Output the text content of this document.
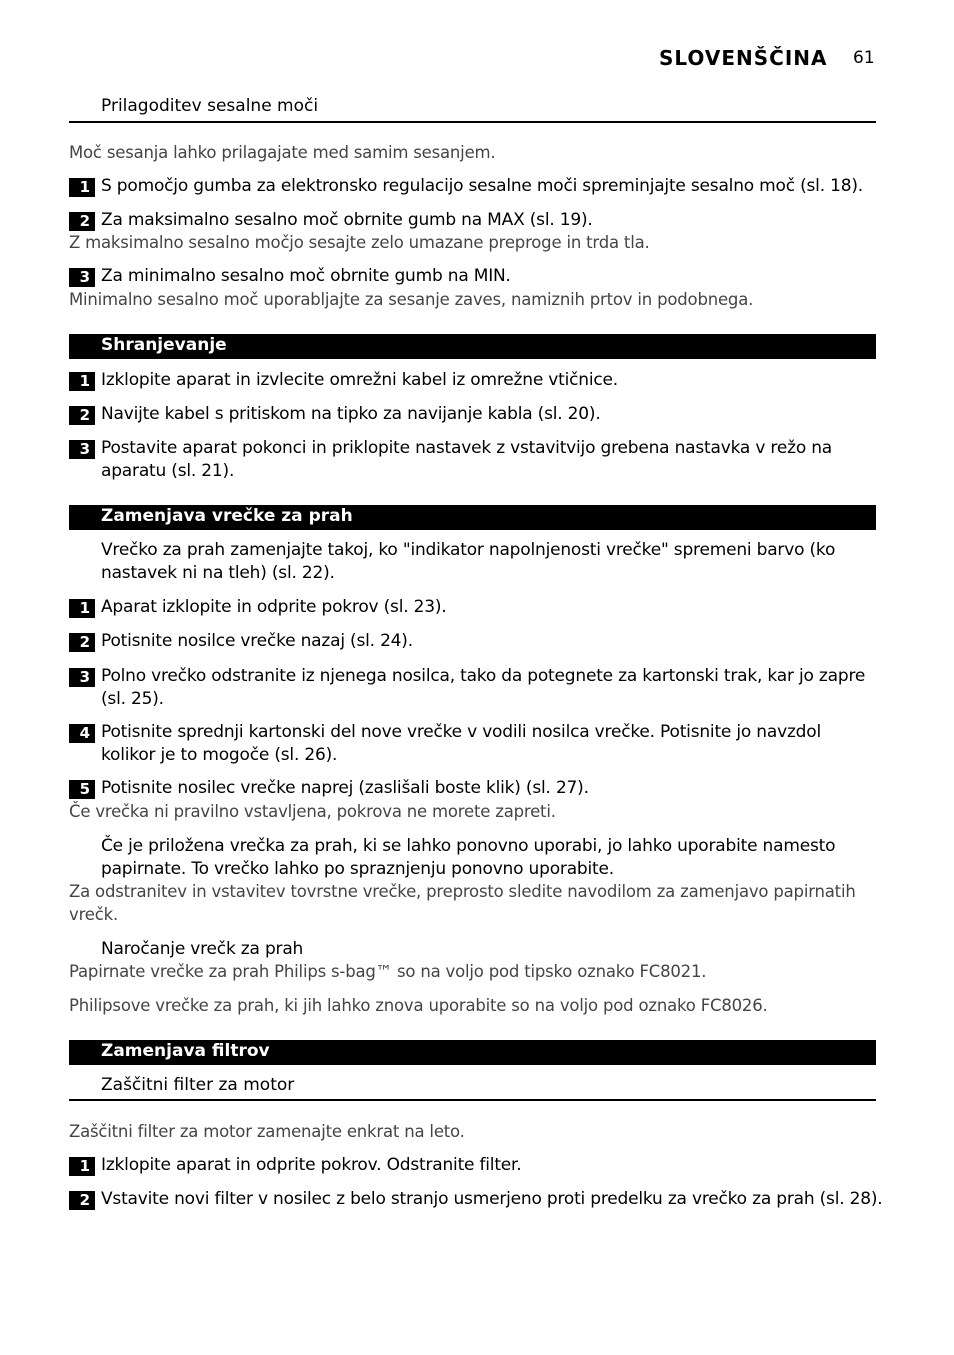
SLOVENŠČINA 61
Prilagoditev sesalne moči
Moč sesanja lahko prilagajate med samim sesanjem.
1 S pomočjo gumba za elektronsko regulacijo sesalne moči spreminjajte sesalno moč (sl. 18).
2 Za maksimalno sesalno moč obrnite gumb na MAX (sl. 19).
Z maksimalno sesalno močjo sesajte zelo umazane preproge in trda tla.
3 Za minimalno sesalno moč obrnite gumb na MIN.
Minimalno sesalno moč uporabljajte za sesanje zaves, namiznih prtov in podobnega.
Shranjevanje
1 Izklopite aparat in izvlecite omrežni kabel iz omrežne vtičnice.
2 Navijte kabel s pritiskom na tipko za navijanje kabla (sl. 20).
3 Postavite aparat pokonci in priklopite nastavek z vstavitvijo grebena nastavka v režo na
aparatu (sl. 21).
Zamenjava vrečke za prah
Vrečko za prah zamenjajte takoj, ko "indikator napolnjenosti vrečke" spremeni barvo (ko
nastavek ni na tleh) (sl. 22).
1 Aparat izklopite in odprite pokrov (sl. 23).
2 Potisnite nosilce vrečke nazaj (sl. 24).
3 Polno vrečko odstranite iz njenega nosilca, tako da potegnete za kartonski trak, kar jo zapre
(sl. 25).
4 Potisnite sprednji kartonski del nove vrečke v vodili nosilca vrečke. Potisnite jo navzdol
kolikor je to mogoče (sl. 26).
5 Potisnite nosilec vrečke naprej (zaslišali boste klik) (sl. 27).
Če vrečka ni pravilno vstavljena, pokrova ne morete zapreti.
Če je priložena vrečka za prah, ki se lahko ponovno uporabi, jo lahko uporabite namesto
papirnate. To vrečko lahko po spraznjenju ponovno uporabite.
Za odstranitev in vstavitev tovrstne vrečke, preprosto sledite navodilom za zamenjavo papirnatih
vrečk.
Naročanje vrečk za prah
Papirnate vrečke za prah Philips s-bag™ so na voljo pod tipsko oznako FC8021.
Philipsove vrečke za prah, ki jih lahko znova uporabite so na voljo pod oznako FC8026.
Zamenjava filtrov
Zaščitni filter za motor
Zaščitni filter za motor zamenajte enkrat na leto.
1 Izklopite aparat in odprite pokrov. Odstranite filter.
2 Vstavite novi filter v nosilec z belo stranjo usmerjeno proti predelku za vrečko za prah (sl. 28).
